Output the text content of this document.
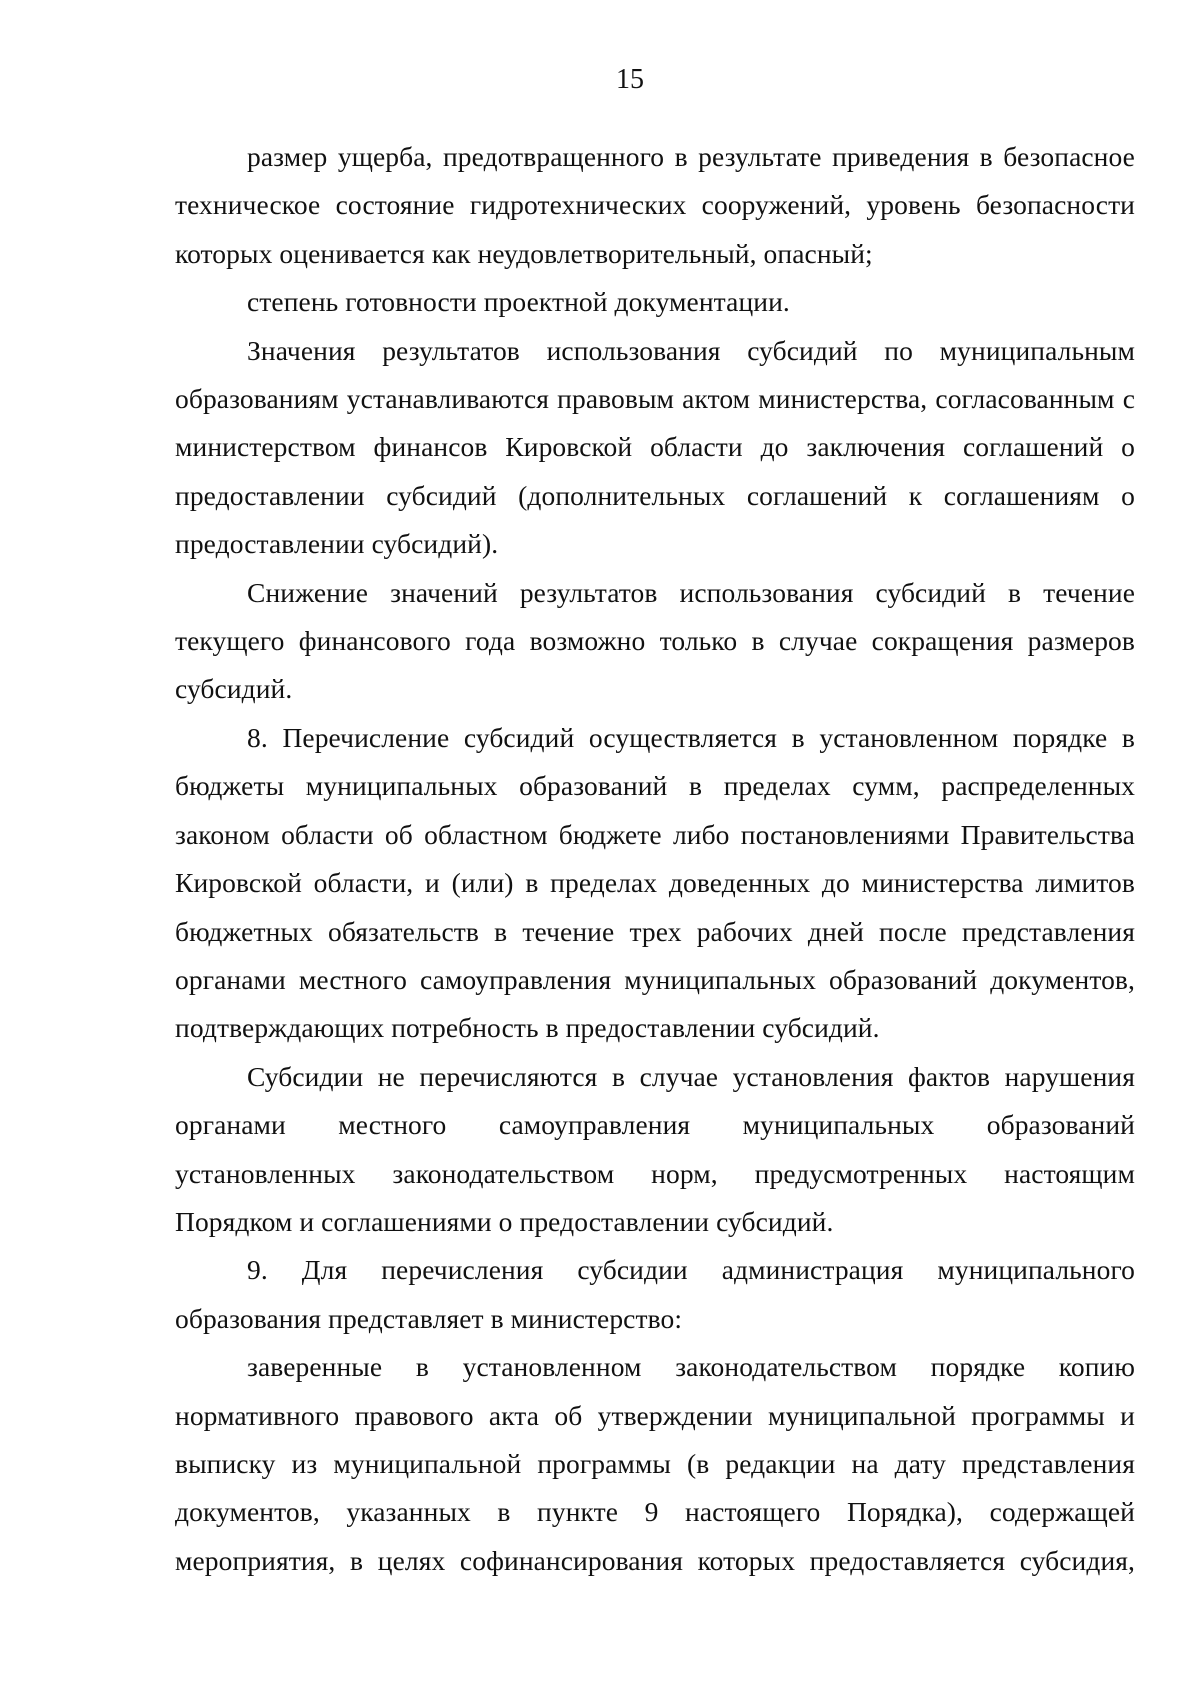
15

размер ущерба, предотвращенного в результате приведения в безопасное техническое состояние гидротехнических сооружений, уровень безопасности которых оценивается как неудовлетворительный, опасный;

степень готовности проектной документации.

Значения результатов использования субсидий по муниципальным образованиям устанавливаются правовым актом министерства, согласованным с министерством финансов Кировской области до заключения соглашений о предоставлении субсидий (дополнительных соглашений к соглашениям о предоставлении субсидий).

Снижение значений результатов использования субсидий в течение текущего финансового года возможно только в случае сокращения размеров субсидий.

8. Перечисление субсидий осуществляется в установленном порядке в бюджеты муниципальных образований в пределах сумм, распределенных законом области об областном бюджете либо постановлениями Правительства Кировской области, и (или) в пределах доведенных до министерства лимитов бюджетных обязательств в течение трех рабочих дней после представления органами местного самоуправления муниципальных образований документов, подтверждающих потребность в предоставлении субсидий.

Субсидии не перечисляются в случае установления фактов нарушения органами местного самоуправления муниципальных образований установленных законодательством норм, предусмотренных настоящим Порядком и соглашениями о предоставлении субсидий.

9. Для перечисления субсидии администрация муниципального образования представляет в министерство:

заверенные в установленном законодательством порядке копию нормативного правового акта об утверждении муниципальной программы и выписку из муниципальной программы (в редакции на дату представления документов, указанных в пункте 9 настоящего Порядка), содержащей мероприятия, в целях софинансирования которых предоставляется субсидия,
